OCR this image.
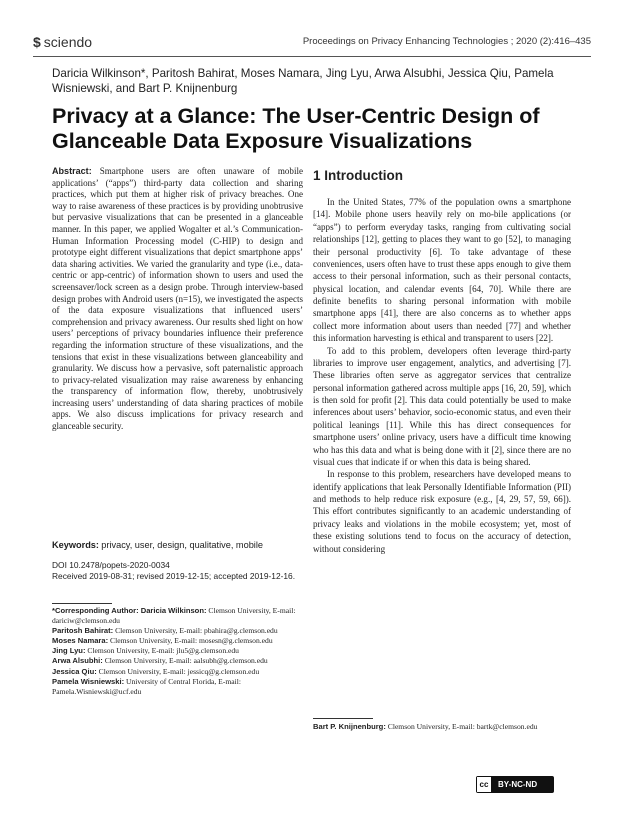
$ sciendo	Proceedings on Privacy Enhancing Technologies ; 2020 (2):416–435
Daricia Wilkinson*, Paritosh Bahirat, Moses Namara, Jing Lyu, Arwa Alsubhi, Jessica Qiu, Pamela Wisniewski, and Bart P. Knijnenburg
Privacy at a Glance: The User-Centric Design of Glanceable Data Exposure Visualizations
Abstract: Smartphone users are often unaware of mobile applications’ (“apps”) third-party data collection and sharing practices, which put them at higher risk of privacy breaches. One way to raise awareness of these practices is by providing unobtrusive but pervasive visualizations that can be presented in a glanceable manner. In this paper, we applied Wogalter et al.’s Communication-Human Information Processing model (C-HIP) to design and prototype eight different visualizations that depict smartphone apps’ data sharing activities. We varied the granularity and type (i.e., data-centric or app-centric) of information shown to users and used the screensaver/lock screen as a design probe. Through interview-based design probes with Android users (n=15), we investigated the aspects of the data exposure visualizations that influenced users’ comprehension and privacy awareness. Our results shed light on how users’ perceptions of privacy boundaries influence their preference regarding the information structure of these visualizations, and the tensions that exist in these visualizations between glanceability and granularity. We discuss how a pervasive, soft paternalistic approach to privacy-related visualization may raise awareness by enhancing the transparency of information flow, thereby, unobtrusively increasing users’ understanding of data sharing practices of mobile apps. We also discuss implications for privacy research and glanceable security.
Keywords: privacy, user, design, qualitative, mobile
DOI 10.2478/popets-2020-0034
Received 2019-08-31; revised 2019-12-15; accepted 2019-12-16.
*Corresponding Author: Daricia Wilkinson: Clemson University, E-mail: dariciw@clemson.edu
Paritosh Bahirat: Clemson University, E-mail: pbahira@g.clemson.edu
Moses Namara: Clemson University, E-mail: mosesn@g.clemson.edu
Jing Lyu: Clemson University, E-mail: jlu5@g.clemson.edu
Arwa Alsubhi: Clemson University, E-mail: aalsubh@g.clemson.edu
Jessica Qiu: Clemson University, E-mail: jessicq@g.clemson.edu
Pamela Wisniewski: University of Central Florida, E-mail: Pamela.Wisniewski@ucf.edu
1 Introduction

In the United States, 77% of the population owns a smartphone [14]. Mobile phone users heavily rely on mo-bile applications (or “apps”) to perform everyday tasks, ranging from cultivating social relationships [12], getting to places they want to go [52], to managing their personal productivity [6]. To take advantage of these conveniences, users often have to trust these apps enough to give them access to their personal information, such as their personal contacts, physical location, and calendar events [64, 70]. While there are definite benefits to sharing personal information with mobile smartphone apps [41], there are also concerns as to whether apps collect more information about users than needed [77] and whether this information harvesting is ethical and transparent to users [22].

To add to this problem, developers often leverage third-party libraries to improve user engagement, analytics, and advertising [7]. These libraries often serve as aggregator services that centralize personal information gathered across multiple apps [16, 20, 59], which is then sold for profit [2]. This data could potentially be used to make inferences about users’ behavior, socio-economic status, and even their political leanings [11]. While this has direct consequences for smartphone users’ online privacy, users have a difficult time knowing who has this data and what is being done with it [2], since there are no visual cues that indicate if or when this data is being shared.

In response to this problem, researchers have developed means to identify applications that leak Personally Identifiable Information (PII) and methods to help reduce risk exposure (e.g., [4, 29, 57, 59, 66]). This effort contributes significantly to an academic understanding of privacy leaks and violations in the mobile ecosystem; yet, most of these existing solutions tend to focus on the accuracy of detection, without considering

Bart P. Knijnenburg: Clemson University, E-mail: bartk@clemson.edu
cc	BY-NC-ND
